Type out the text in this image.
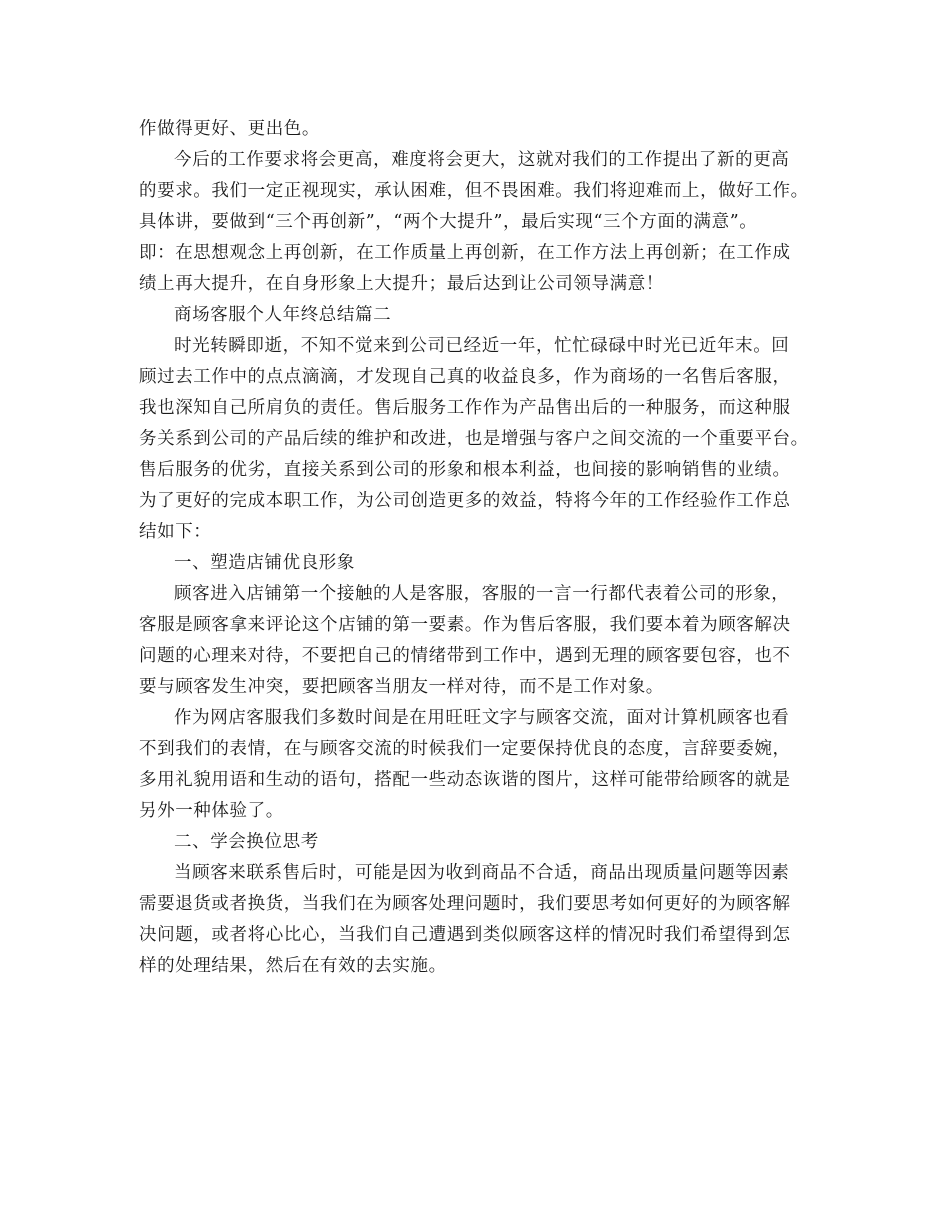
作做得更好、更出色。
今后的工作要求将会更高，难度将会更大，这就对我们的工作提出了新的更高
的要求。我们一定正视现实，承认困难，但不畏困难。我们将迎难而上，做好工作。
具体讲，要做到“三个再创新”，“两个大提升”，最后实现“三个方面的满意”。
即：在思想观念上再创新，在工作质量上再创新，在工作方法上再创新；在工作成
绩上再大提升，在自身形象上大提升；最后达到让公司领导满意！
商场客服个人年终总结篇二
时光转瞬即逝，不知不觉来到公司已经近一年，忙忙碌碌中时光已近年末。回
顾过去工作中的点点滴滴，才发现自己真的收益良多，作为商场的一名售后客服，
我也深知自己所肩负的责任。售后服务工作作为产品售出后的一种服务，而这种服
务关系到公司的产品后续的维护和改进，也是增强与客户之间交流的一个重要平台。
售后服务的优劣，直接关系到公司的形象和根本利益，也间接的影响销售的业绩。
为了更好的完成本职工作，为公司创造更多的效益，特将今年的工作经验作工作总
结如下：
一、塑造店铺优良形象
顾客进入店铺第一个接触的人是客服，客服的一言一行都代表着公司的形象，
客服是顾客拿来评论这个店铺的第一要素。作为售后客服，我们要本着为顾客解决
问题的心理来对待，不要把自己的情绪带到工作中，遇到无理的顾客要包容，也不
要与顾客发生冲突，要把顾客当朋友一样对待，而不是工作对象。
作为网店客服我们多数时间是在用旺旺文字与顾客交流，面对计算机顾客也看
不到我们的表情，在与顾客交流的时候我们一定要保持优良的态度，言辞要委婉，
多用礼貌用语和生动的语句，搭配一些动态诙谐的图片，这样可能带给顾客的就是
另外一种体验了。
二、学会换位思考
当顾客来联系售后时，可能是因为收到商品不合适，商品出现质量问题等因素
需要退货或者换货，当我们在为顾客处理问题时，我们要思考如何更好的为顾客解
决问题，或者将心比心，当我们自己遭遇到类似顾客这样的情况时我们希望得到怎
样的处理结果，然后在有效的去实施。
